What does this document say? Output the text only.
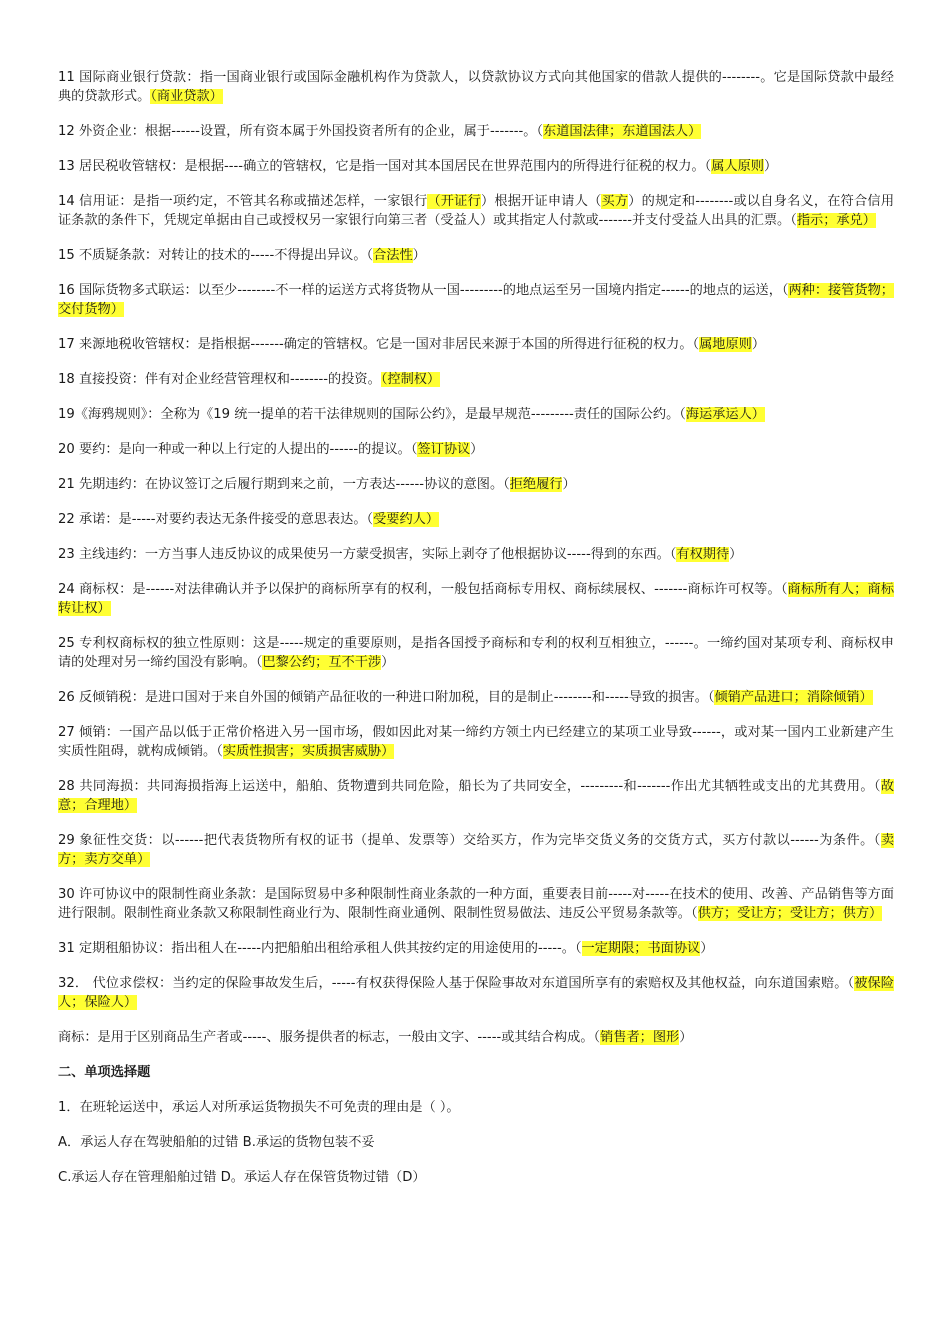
11 国际商业银行贷款：指一国商业银行或国际金融机构作为贷款人，以贷款协议方式向其他国家的借款人提供的--------。它是国际贷款中最经典的贷款形式。（商业贷款）

12 外资企业：根据------设置，所有资本属于外国投资者所有的企业，属于-------。（东道国法律；东道国法人）

13 居民税收管辖权：是根据----确立的管辖权，它是指一国对其本国居民在世界范围内的所得进行征税的权力。（属人原则）

14 信用证：是指一项约定，不管其名称或描述怎样，一家银行（开证行）根据开证申请人（买方）的规定和--------或以自身名义，在符合信用证条款的条件下，凭规定单据由自己或授权另一家银行向第三者（受益人）或其指定人付款或-------并支付受益人出具的汇票。（指示；承兑）

15 不质疑条款：对转让的技术的-----不得提出异议。（合法性）

16 国际货物多式联运：以至少--------不一样的运送方式将货物从一国---------的地点运至另一国境内指定------的地点的运送，（两种：接管货物；交付货物）

17 来源地税收管辖权：是指根据-------确定的管辖权。它是一国对非居民来源于本国的所得进行征税的权力。（属地原则）

18 直接投资：伴有对企业经营管理权和--------的投资。（控制权）

19《海鸦规则》：全称为《19 统一提单的若干法律规则的国际公约》，是最早规范---------责任的国际公约。（海运承运人）

20 要约：是向一种或一种以上行定的人提出的------的提议。（签订协议）

21 先期违约：在协议签订之后履行期到来之前，一方表达------协议的意图。（拒绝履行）

22 承诺：是-----对要约表达无条件接受的意思表达。（受要约人）

23 主线违约：一方当事人违反协议的成果使另一方蒙受损害，实际上剥夺了他根据协议-----得到的东西。（有权期待）

24 商标权：是------对法律确认并予以保护的商标所享有的权利，一般包括商标专用权、商标续展权、-------商标许可权等。（商标所有人；商标转让权）

25 专利权商标权的独立性原则：这是-----规定的重要原则，是指各国授予商标和专利的权利互相独立，------。一缔约国对某项专利、商标权申请的处理对另一缔约国没有影响。（巴黎公约；互不干涉）

26 反倾销税：是进口国对于来自外国的倾销产品征收的一种进口附加税，目的是制止--------和-----导致的损害。（倾销产品进口；消除倾销）

27 倾销：一国产品以低于正常价格进入另一国市场，假如因此对某一缔约方领土内已经建立的某项工业导致------，或对某一国内工业新建产生实质性阻碍，就构成倾销。（实质性损害；实质损害威胁）

28 共同海损：共同海损指海上运送中，船舶、货物遭到共同危险，船长为了共同安全，---------和-------作出尤其牺牲或支出的尤其费用。（故意；合理地）

29 象征性交货：以------把代表货物所有权的证书（提单、发票等）交给买方，作为完毕交货义务的交货方式，买方付款以------为条件。（卖方；卖方交单）

30 许可协议中的限制性商业条款：是国际贸易中多种限制性商业条款的一种方面，重要表目前-----对-----在技术的使用、改善、产品销售等方面进行限制。限制性商业条款又称限制性商业行为、限制性商业通例、限制性贸易做法、违反公平贸易条款等。（供方；受让方；受让方；供方）

31 定期租船协议：指出租人在-----内把船舶出租给承租人供其按约定的用途使用的-----。（一定期限；书面协议）

32． 代位求偿权：当约定的保险事故发生后，-----有权获得保险人基于保险事故对东道国所享有的索赔权及其他权益，向东道国索赔。（被保险人；保险人）

商标：是用于区别商品生产者或-----、服务提供者的标志，一般由文字、-----或其结合构成。（销售者；图形）

二、单项选择题

1．在班轮运送中，承运人对所承运货物损失不可免责的理由是（ ）。

A．承运人存在驾驶船舶的过错 B.承运的货物包装不妥

C.承运人存在管理船舶过错 D。承运人存在保管货物过错（D）
